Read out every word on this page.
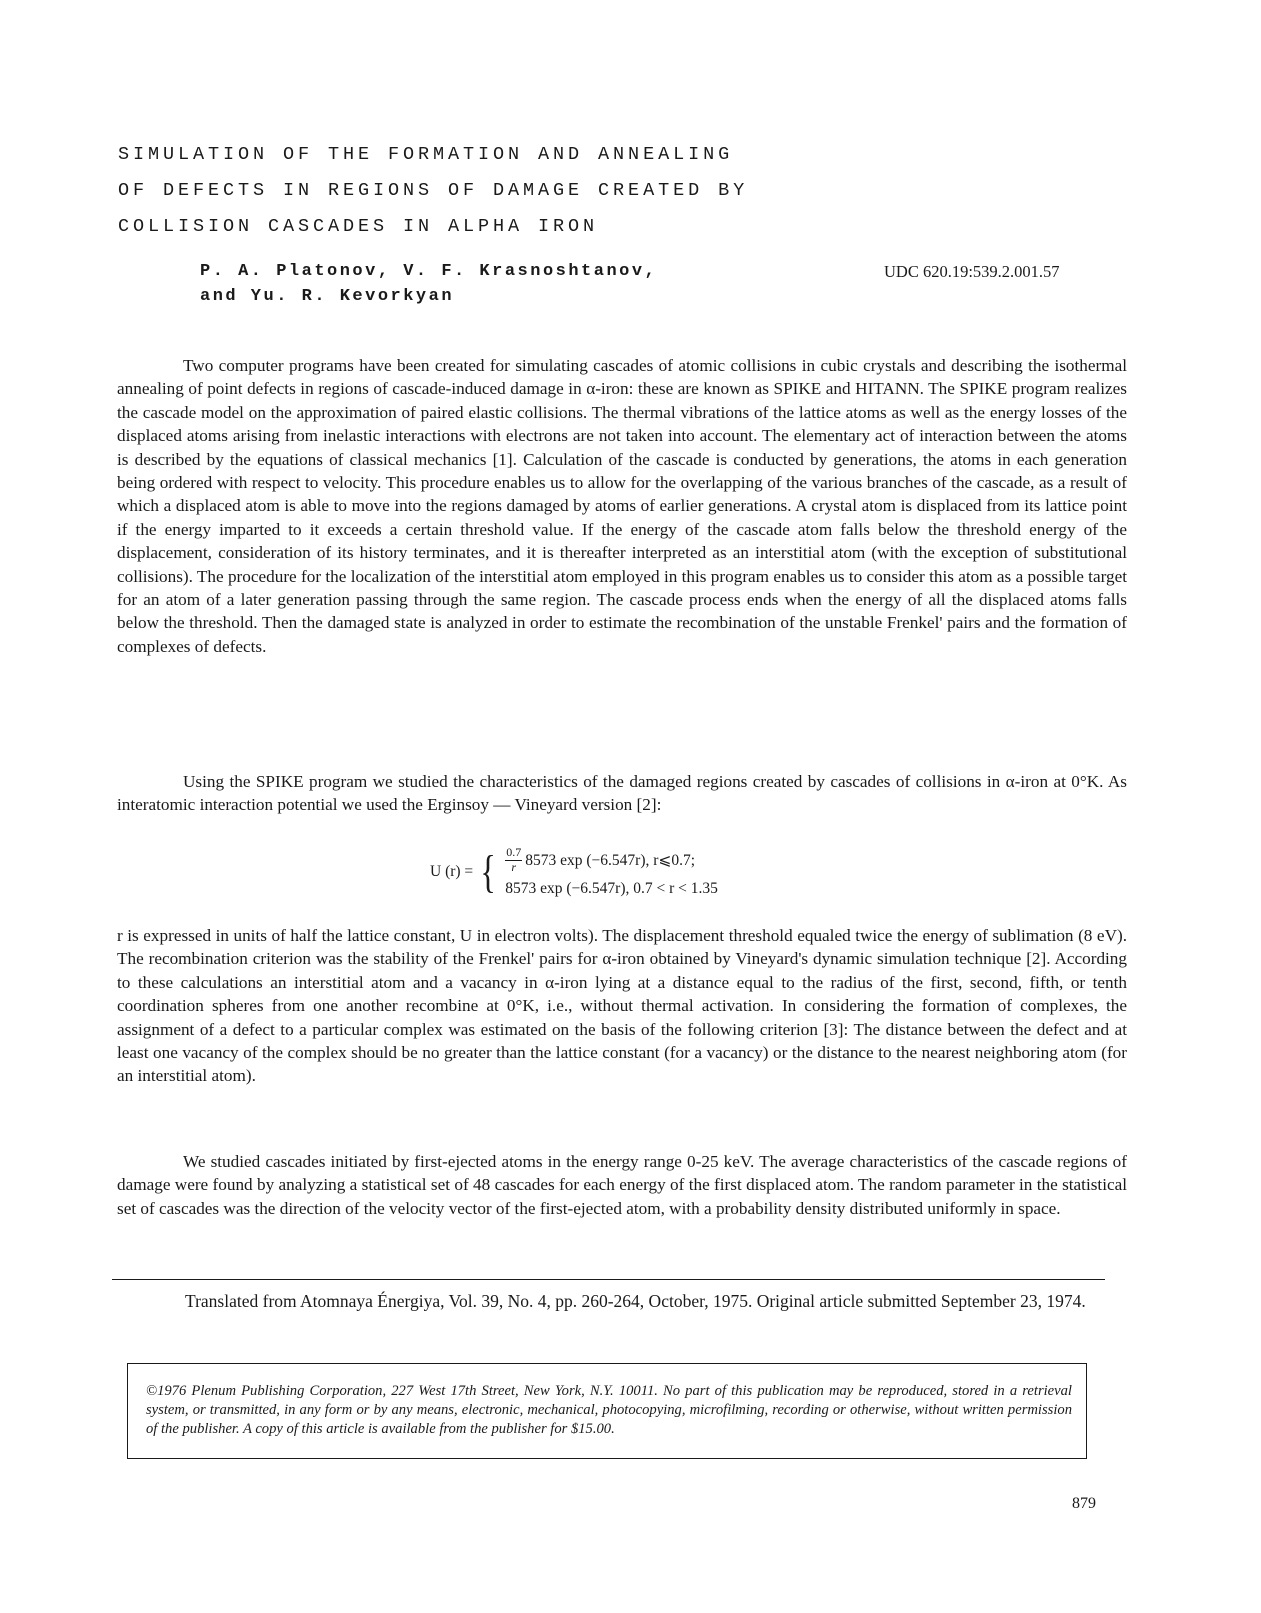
SIMULATION OF THE FORMATION AND ANNEALING
OF DEFECTS IN REGIONS OF DAMAGE CREATED BY
COLLISION CASCADES IN ALPHA IRON
P. A. Platonov, V. F. Krasnoshtanov,
and Yu. R. Kevorkyan
UDC 620.19:539.2.001.57

Two computer programs have been created for simulating cascades of atomic collisions in cubic crystals and describing the isothermal annealing of point defects in regions of cascade-induced damage in α-iron: these are known as SPIKE and HITANN. The SPIKE program realizes the cascade model on the approximation of paired elastic collisions. The thermal vibrations of the lattice atoms as well as the energy losses of the displaced atoms arising from inelastic interactions with electrons are not taken into account. The elementary act of interaction between the atoms is described by the equations of classical mechanics [1]. Calculation of the cascade is conducted by generations, the atoms in each generation being ordered with respect to velocity. This procedure enables us to allow for the overlapping of the various branches of the cascade, as a result of which a displaced atom is able to move into the regions damaged by atoms of earlier generations. A crystal atom is displaced from its lattice point if the energy imparted to it exceeds a certain threshold value. If the energy of the cascade atom falls below the threshold energy of the displacement, consideration of its history terminates, and it is thereafter interpreted as an interstitial atom (with the exception of substitutional collisions). The procedure for the localization of the interstitial atom employed in this program enables us to consider this atom as a possible target for an atom of a later generation passing through the same region. The cascade process ends when the energy of all the displaced atoms falls below the threshold. Then the damaged state is analyzed in order to estimate the recombination of the unstable Frenkel' pairs and the formation of complexes of defects.

Using the SPIKE program we studied the characteristics of the damaged regions created by cascades of collisions in α-iron at 0°K. As interatomic interaction potential we used the Erginsoy — Vineyard version [2]:

U (r) = { $\frac{0.7}{r} 8573$ exp (−6.547r), r⩽0.7;
8573 exp (−6.547r), 0.7 < r < 1.35

r is expressed in units of half the lattice constant, U in electron volts). The displacement threshold equaled twice the energy of sublimation (8 eV). The recombination criterion was the stability of the Frenkel' pairs for α-iron obtained by Vineyard's dynamic simulation technique [2]. According to these calculations an interstitial atom and a vacancy in α-iron lying at a distance equal to the radius of the first, second, fifth, or tenth coordination spheres from one another recombine at 0°K, i.e., without thermal activation. In considering the formation of complexes, the assignment of a defect to a particular complex was estimated on the basis of the following criterion [3]: The distance between the defect and at least one vacancy of the complex should be no greater than the lattice constant (for a vacancy) or the distance to the nearest neighboring atom (for an interstitial atom).

We studied cascades initiated by first-ejected atoms in the energy range 0-25 keV. The average characteristics of the cascade regions of damage were found by analyzing a statistical set of 48 cascades for each energy of the first displaced atom. The random parameter in the statistical set of cascades was the direction of the velocity vector of the first-ejected atom, with a probability density distributed uniformly in space.

Translated from Atomnaya Énergiya, Vol. 39, No. 4, pp. 260-264, October, 1975. Original article submitted September 23, 1974.

©1976 Plenum Publishing Corporation, 227 West 17th Street, New York, N.Y. 10011. No part of this publication may be reproduced, stored in a retrieval system, or transmitted, in any form or by any means, electronic, mechanical, photocopying, microfilming, recording or otherwise, without written permission of the publisher. A copy of this article is available from the publisher for $15.00.

879
